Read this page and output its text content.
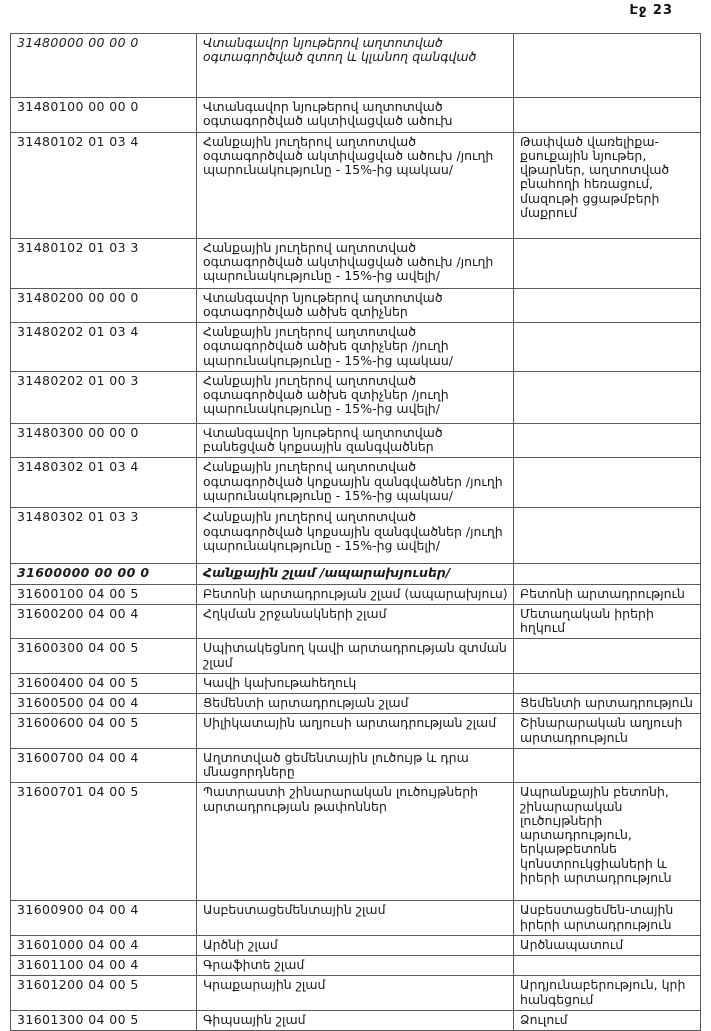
Էջ 23
31480000 00 00 0	Վտանգավոր նյութերով աղտոտված օգտագործված զտող և կլանող զանգված	
31480100 00 00 0	Վտանգավոր նյութերով աղտոտված օգտագործված ակտիվացված ածուխ	
31480102 01 03 4	Հանքային յուղերով աղտոտված օգտագործված ակտիվացված ածուխ /յուղի պարունակությունը - 15%-ից պակաս/	Թափված վառելիքա-քսուքային նյութեր, վթարներ, աղտոտված բնահողի հեռացում, մազութի ցցաթմբերի մաքրում
31480102 01 03 3	Հանքային յուղերով աղտոտված օգտագործված ակտիվացված ածուխ /յուղի պարունակությունը - 15%-ից ավելի/	
31480200 00 00 0	Վտանգավոր նյութերով աղտոտված օգտագործված ածխե զտիչներ	
31480202 01 03 4	Հանքային յուղերով աղտոտված օգտագործված ածխե զտիչներ /յուղի պարունակությունը - 15%-ից պակաս/	
31480202 01 00 3	Հանքային յուղերով աղտոտված օգտագործված ածխե զտիչներ /յուղի պարունակությունը - 15%-ից ավելի/	
31480300 00 00 0	Վտանգավոր նյութերով աղտոտված բանեցված կոքսային զանգվածներ	
31480302 01 03 4	Հանքային յուղերով աղտոտված օգտագործված կոքսային զանգվածներ /յուղի պարունակությունը - 15%-ից պակաս/	
31480302 01 03 3	Հանքային յուղերով աղտոտված օգտագործված կոքսային զանգվածներ /յուղի պարունակությունը - 15%-ից ավելի/	
31600000 00 00 0	Հանքային շլամ /ապարախյուսեր/	
31600100 04 00 5	Բետոնի արտադրության շլամ (ապարախյուս)	Բետոնի արտադրություն
31600200 04 00 4	Հղկման շրջանակների շլամ	Մետաղական իրերի հղկում
31600300 04 00 5	Սպիտակեցնող կավի արտադրության զտման շլամ	
31600400 04 00 5	Կավի կախութահեղուկ	
31600500 04 00 4	Ցեմենտի արտադրության շլամ	Ցեմենտի արտադրություն
31600600 04 00 5	Սիլիկատային աղյուսի արտադրության շլամ	Շինարարական աղյուսի արտադրություն
31600700 04 00 4	Աղտոտված ցեմենտային լուծույթ և դրա մնացորդները	
31600701 04 00 5	Պատրաստի շինարարական լուծույթների արտադրության թափոններ	Ապրանքային բետոնի, շինարարական լուծույթների արտադրություն, երկաթբետոնե կոնստրուկցիաների և իրերի արտադրություն
31600900 04 00 4	Ասբեստացեմենտային շլամ	Ասբեստացեմեն-տային իրերի արտադրություն
31601000 04 00 4	Արծնի շլամ	Արծնապատում
31601100 04 00 4	Գրաֆիտե շլամ	
31601200 04 00 5	Կրաքարային շլամ	Արդյունաբերություն, կրի հանգեցում
31601300 04 00 5	Գիպսային շլամ	Ձուլում
